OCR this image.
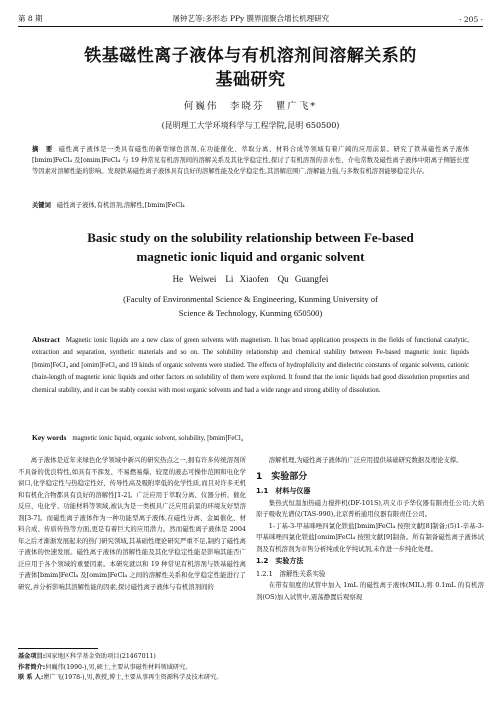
第 8 期	屠钟艺等:多形态 PPy 膜界面聚合增长机理研究	· 205 ·
铁基磁性离子液体与有机溶剂间溶解关系的
基础研究
何巍伟　李晓芬　瞿广飞*
(昆明理工大学环境科学与工程学院,昆明 650500)
摘　要 磁性离子液体是一类具有磁性的新型绿色溶剂,在功能催化、萃取分离、材料合成等领域有着广阔的应用前景。研究了铁基磁性离子液体[bmim]FeCl₄ 及[omim]FeCl₄ 与 19 种常见有机溶剂间的溶解关系及其化学稳定性,探讨了有机溶剂的亲水性、介电常数及磁性离子液体中阳离子侧链长度等因素对溶解性能的影响。发现铁基磁性离子液体具有良好的溶解性能及化学稳定性,其溶解范围广,溶解能力强,与多数有机溶剂能够稳定共存。
关键词 磁性离子液体,有机溶剂,溶解性,[bmim]FeCl₄
Basic study on the solubility relationship between Fe-based
magnetic ionic liquid and organic solvent
He Weiwei　Li Xiaofen　Qu Guangfei
(Faculty of Environmental Science & Engineering, Kunming University of
Science & Technology, Kunming 650500)
Abstract Magnetic ionic liquids are a new class of green solvents with magnetism. It has broad application prospects in the fields of functional catalytic, extraction and separation, synthetic materials and so on. The solubility relationship and chemical stability between Fe-based magnetic ionic liquids [bmim]FeCl₄ and [omim]FeCl₄ and 19 kinds of organic solvents were studied. The effects of hydrophilicity and dielectric constants of organic solvents, cationic chain-length of magnetic ionic liquids and other factors on solubility of them were explored. It found that the ionic liquids had good dissolution properties and chemical stability, and it can be stably coexist with most organic solvents and had a wide range and strong ability of dissolution.
Key words magnetic ionic liquid, organic solvent, solubility, [bmim]FeCl₄

离子液体是近年来绿色化学领域中新兴的研究热点之一,拥有许多传统溶剂所不具备的优良特性,如具有不挥发、不易燃易爆、较宽的液态可操作范围和电化学窗口,化学稳定性与热稳定性好、传导性高及吸附率低的化学性质,而且对许多无机和有机化合物都具有良好的溶解性[1-2]。广泛应用于萃取分离、仪器分析、催化反应、电化学、功能材料等领域,被认为是一类极具广泛应用前景的环境友好型溶剂[3-7]。而磁性离子液体作为一种功能型离子液体,在磁性分离、金属催化、材料合成、传质传热等方面,更是有着巨大的应用潜力。然而磁性离子液体是 2004 年之后才渐渐发展起来的热门研究领域,其基础性理论研究严重不足,制约了磁性离子液体的快速发展。磁性离子液体的溶解性能及其化学稳定性能是影响其能否广泛应用于各个领域的重要因素。本研究就以和 19 种常见有机溶剂与铁基磁性离子液体[bmim]FeCl₄ 及[omim]FeCl₄ 之间的溶解性关系和化学稳定性能进行了研究,并分析影响其溶解性能的因素,探讨磁性离子液体与有机溶剂间的

溶解机理,为磁性离子液体的广泛应用提供基础研究数据及理论支撑。

1　实验部分
1.1　材料与仪器

集热式恒温加热磁力搅拌机(DF-101S),巩义市予华仪器有限责任公司;大焰原子吸收光谱仪(TAS-990),北京普析通用仪器有限责任公司。

1-丁基-3-甲基咪唑四氯化铁盐[bmim]FeCl₄ 按照文献[8]制备;(5)1-辛基-3-甲基咪唑四氯化铁盐[omim]FeCl₄ 按照文献[9]制备。所有制备磁性离子液体试剂及有机溶剂为市售分析纯或化学纯试剂,未作进一步纯化处理。

1.2　实验方法
1.2.1　溶解性关系实验

在带有刻度的试管中加入 1mL 的磁性离子液体(MIL),将 0.1mL 的有机溶剂(OS)加入试管中,震荡静置后观察现

基金项目:国家地区科学基金资助项目(21467011)
作者简介:何巍伟(1990-),男,硕士,主要从事磁性材料领域研究。
联 系 人:瞿广飞(1978-),男,教授,博士,主要从事再生资源科学及技术研究。
